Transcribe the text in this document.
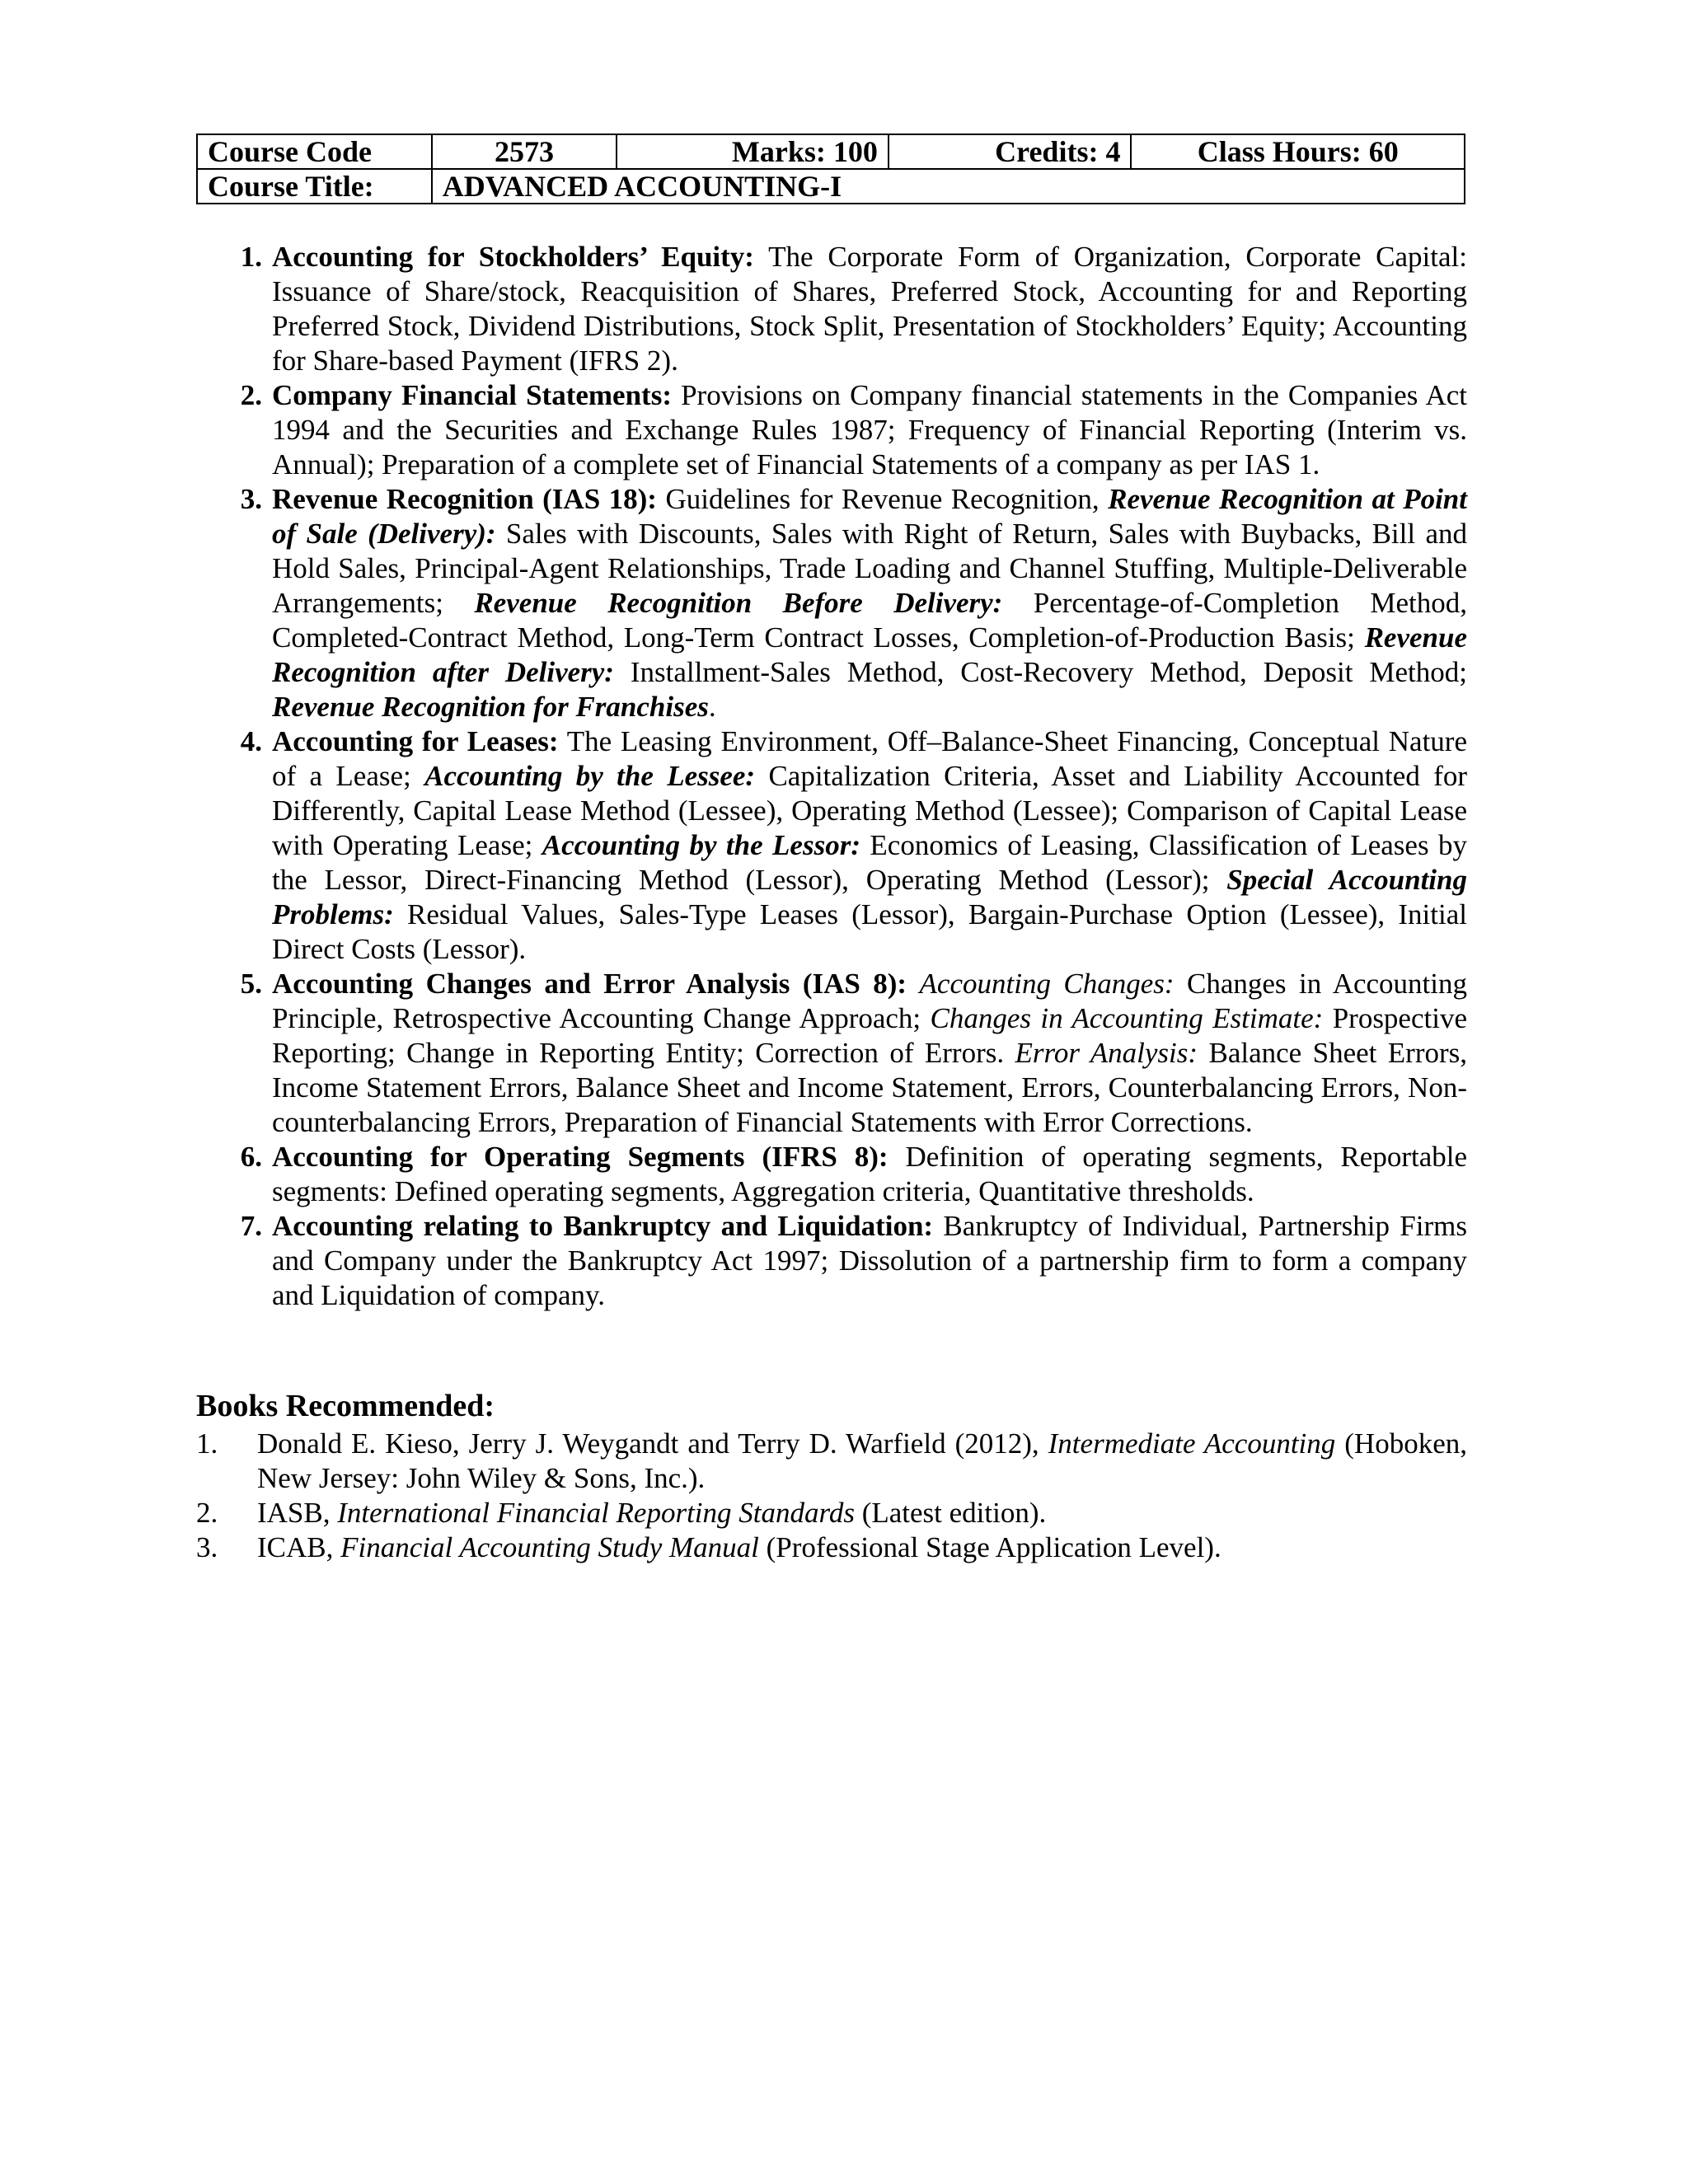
Course Code	2573	Marks: 100	Credits: 4	Class Hours: 60
Course Title:	ADVANCED ACCOUNTING-I			
1. Accounting for Stockholders’ Equity: The Corporate Form of Organization, Corporate Capital: Issuance of Share/stock, Reacquisition of Shares, Preferred Stock, Accounting for and Reporting Preferred Stock, Dividend Distributions, Stock Split, Presentation of Stockholders’ Equity; Accounting for Share-based Payment (IFRS 2).
2. Company Financial Statements: Provisions on Company financial statements in the Companies Act 1994 and the Securities and Exchange Rules 1987; Frequency of Financial Reporting (Interim vs. Annual); Preparation of a complete set of Financial Statements of a company as per IAS 1.
3. Revenue Recognition (IAS 18): Guidelines for Revenue Recognition, Revenue Recognition at Point of Sale (Delivery): Sales with Discounts, Sales with Right of Return, Sales with Buybacks, Bill and Hold Sales, Principal-Agent Relationships, Trade Loading and Channel Stuffing, Multiple-Deliverable Arrangements; Revenue Recognition Before Delivery: Percentage-of-Completion Method, Completed-Contract Method, Long-Term Contract Losses, Completion-of-Production Basis; Revenue Recognition after Delivery: Installment-Sales Method, Cost-Recovery Method, Deposit Method; Revenue Recognition for Franchises.
4. Accounting for Leases: The Leasing Environment, Off–Balance-Sheet Financing, Conceptual Nature of a Lease; Accounting by the Lessee: Capitalization Criteria, Asset and Liability Accounted for Differently, Capital Lease Method (Lessee), Operating Method (Lessee); Comparison of Capital Lease with Operating Lease; Accounting by the Lessor: Economics of Leasing, Classification of Leases by the Lessor, Direct-Financing Method (Lessor), Operating Method (Lessor); Special Accounting Problems: Residual Values, Sales-Type Leases (Lessor), Bargain-Purchase Option (Lessee), Initial Direct Costs (Lessor).
5. Accounting Changes and Error Analysis (IAS 8): Accounting Changes: Changes in Accounting Principle, Retrospective Accounting Change Approach; Changes in Accounting Estimate: Prospective Reporting; Change in Reporting Entity; Correction of Errors. Error Analysis: Balance Sheet Errors, Income Statement Errors, Balance Sheet and Income Statement, Errors, Counterbalancing Errors, Non-counterbalancing Errors, Preparation of Financial Statements with Error Corrections.
6. Accounting for Operating Segments (IFRS 8): Definition of operating segments, Reportable segments: Defined operating segments, Aggregation criteria, Quantitative thresholds.
7. Accounting relating to Bankruptcy and Liquidation: Bankruptcy of Individual, Partnership Firms and Company under the Bankruptcy Act 1997; Dissolution of a partnership firm to form a company and Liquidation of company.
Books Recommended:
1. Donald E. Kieso, Jerry J. Weygandt and Terry D. Warfield (2012), Intermediate Accounting (Hoboken, New Jersey: John Wiley & Sons, Inc.).
2. IASB, International Financial Reporting Standards (Latest edition).
3. ICAB, Financial Accounting Study Manual (Professional Stage Application Level).
